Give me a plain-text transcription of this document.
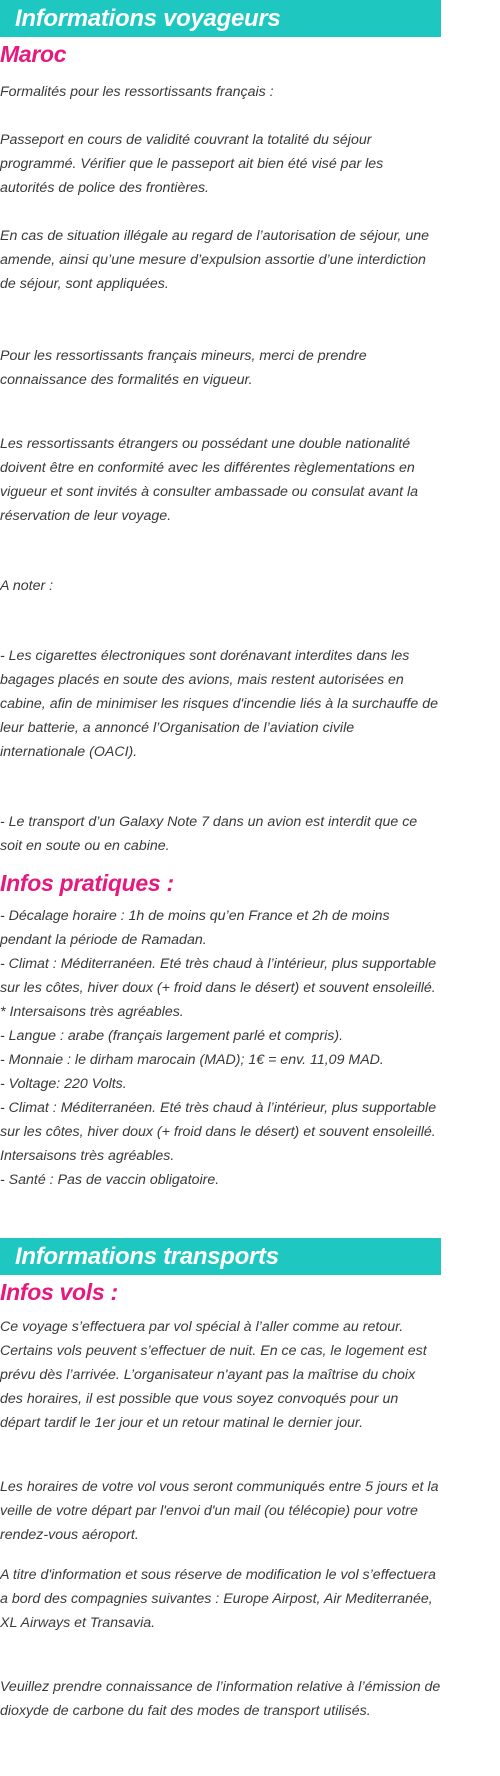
Informations voyageurs
Maroc

Formalités pour les ressortissants français :

Passeport en cours de validité couvrant la totalité du séjour programmé. Vérifier que le passeport ait bien été visé par les autorités de police des frontières.

En cas de situation illégale au regard de l’autorisation de séjour, une amende, ainsi qu’une mesure d’expulsion assortie d’une interdiction de séjour, sont appliquées.

Pour les ressortissants français mineurs, merci de prendre connaissance des formalités en vigueur.

Les ressortissants étrangers ou possédant une double nationalité doivent être en conformité avec les différentes règlementations en vigueur et sont invités à consulter ambassade ou consulat avant la réservation de leur voyage.

A noter :

- Les cigarettes électroniques sont dorénavant interdites dans les bagages placés en soute des avions, mais restent autorisées en cabine, afin de minimiser les risques d'incendie liés à la surchauffe de leur batterie, a annoncé l’Organisation de l’aviation civile internationale (OACI).

- Le transport d’un Galaxy Note 7 dans un avion est interdit que ce soit en soute ou en cabine.

Infos pratiques :

- Décalage horaire : 1h de moins qu’en France et 2h de moins pendant la période de Ramadan.

- Climat : Méditerranéen. Eté très chaud à l’intérieur, plus supportable sur les côtes, hiver doux (+ froid dans le désert) et souvent ensoleillé. * Intersaisons très agréables.

- Langue : arabe (français largement parlé et compris).

- Monnaie : le dirham marocain (MAD); 1€ = env. 11,09 MAD.

- Voltage: 220 Volts.

- Climat : Méditerranéen. Eté très chaud à l’intérieur, plus supportable sur les côtes, hiver doux (+ froid dans le désert) et souvent ensoleillé. Intersaisons très agréables.

- Santé : Pas de vaccin obligatoire.

Informations transports
Infos vols :

Ce voyage s’effectuera par vol spécial à l’aller comme au retour. Certains vols peuvent s’effectuer de nuit. En ce cas, le logement est prévu dès l’arrivée. L’organisateur n'ayant pas la maîtrise du choix des horaires, il est possible que vous soyez convoqués pour un départ tardif le 1er jour et un retour matinal le dernier jour.

Les horaires de votre vol vous seront communiqués entre 5 jours et la veille de votre départ par l'envoi d'un mail (ou télécopie) pour votre rendez-vous aéroport.

A titre d'information et sous réserve de modification le vol s’effectuera a bord des compagnies suivantes : Europe Airpost, Air Mediterranée, XL Airways et Transavia.

Veuillez prendre connaissance de l’information relative à l’émission de dioxyde de carbone du fait des modes de transport utilisés.
